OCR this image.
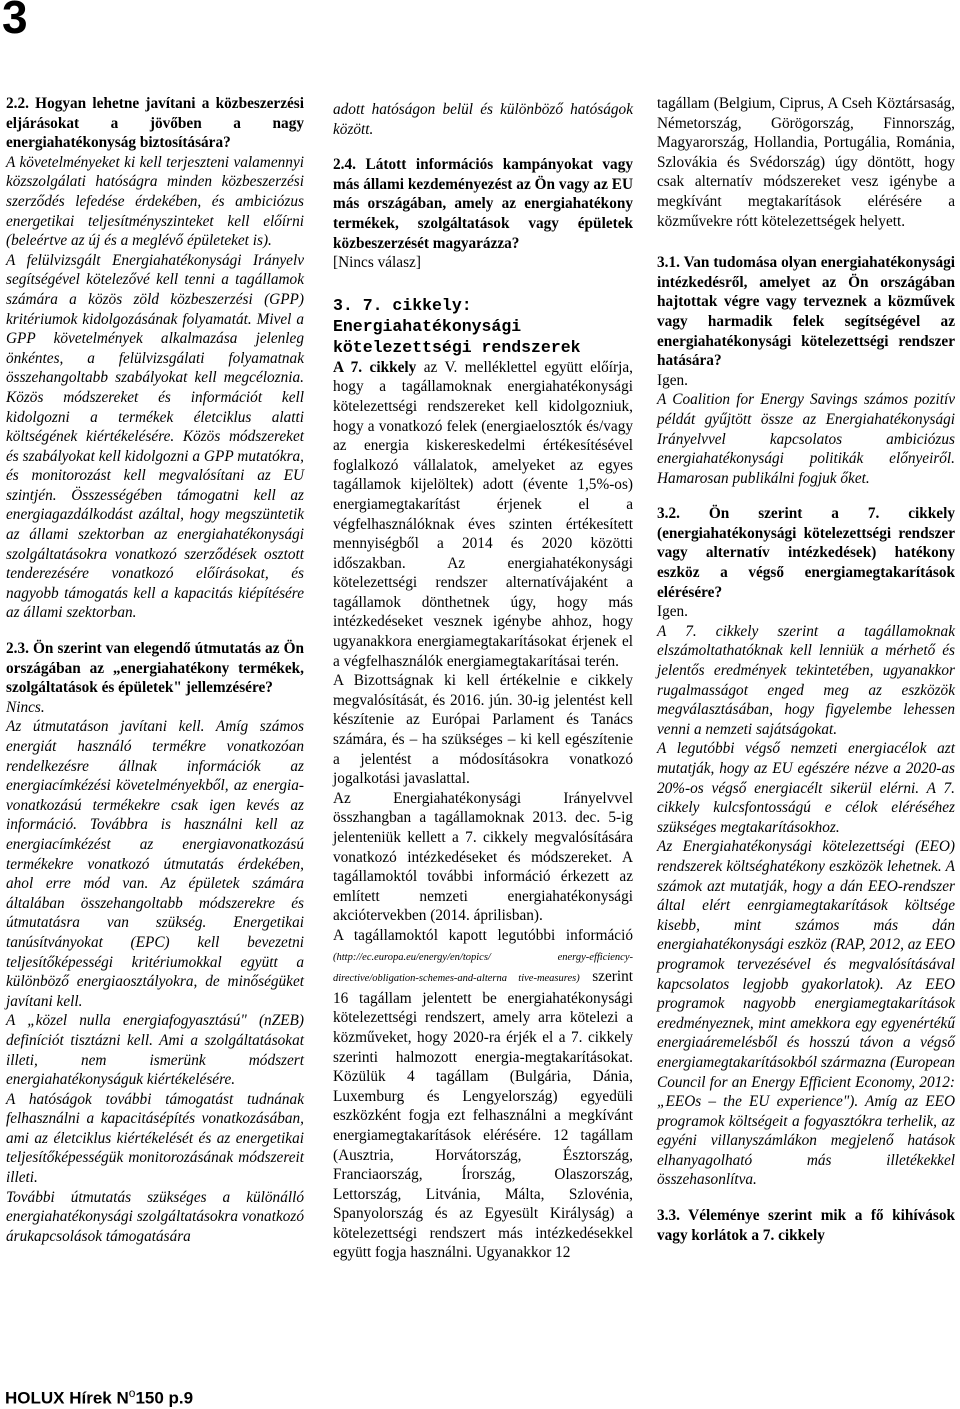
3

2.2. Hogyan lehetne javítani a közbeszerzési eljárásokat a jövőben a nagy energiahatékonyság biztosítására?

A követelményeket ki kell terjeszteni valamennyi közszolgálati hatóságra minden közbeszerzési szerződés lefedése érdekében, és ambiciózus energetikai teljesítményszinteket kell előírni (beleértve az új és a meglévő épületeket is).

A felülvizsgált Energiahatékonysági Irányelv segítségével kötelezővé kell tenni a tagállamok számára a közös zöld közbeszerzési (GPP) kritériumok kidolgozásának folyamatát. Mivel a GPP követelmények alkalmazása jelenleg önkéntes, a felülvizsgálati folyamatnak összehangoltabb szabályokat kell megcéloznia. Közös módszereket és információt kell kidolgozni a termékek életciklus alatti költségének kiértékelésére. Közös módszereket és szabályokat kell kidolgozni a GPP mutatókra, és monitorozást kell megvalósítani az EU szintjén. Összességében támogatni kell az energiagazdálkodást azáltal, hogy megszüntetik az állami szektorban az energiahatékonysági szolgáltatásokra vonatkozó szerződések osztott tenderezésére vonatkozó előírásokat, és nagyobb támogatás kell a kapacitás kiépítésére az állami szektorban.

2.3. Ön szerint van elegendő útmutatás az Ön országában az „energiahatékony termékek, szolgáltatások és épületek" jellemzésére?

Nincs.

Az útmutatáson javítani kell. Amíg számos energiát használó termékre vonatkozóan rendelkezésre állnak információk az energiacímkézési követelményekből, az energia-vonatkozású termékekre csak igen kevés az információ. Továbbra is használni kell az energiacímkézést az energiavonatkozású termékekre vonatkozó útmutatás érdekében, ahol erre mód van. Az épületek számára általában összehangoltabb módszerekre és útmutatásra van szükség. Energetikai tanúsítványokat (EPC) kell bevezetni teljesítőképességi kritériumokkal együtt a különböző energiaosztályokra, de minőségüket javítani kell.

A „közel nulla energiafogyasztású" (nZEB) definíciót tisztázni kell. Ami a szolgáltatásokat illeti, nem ismerünk módszert energiahatékonyságuk kiértékelésére.

A hatóságok további támogatást tudnának felhasználni a kapacitásépítés vonatkozásában, ami az életciklus kiértékelését és az energetikai teljesítőképességük monitorozásának módszereit illeti.

További útmutatás szükséges a különálló energiahatékonysági szolgáltatásokra vonatkozó árukapcsolások támogatására

adott hatóságon belül és különböző hatóságok között.

2.4. Látott információs kampányokat vagy más állami kezdeményezést az Ön vagy az EU más országában, amely az energiahatékony termékek, szolgáltatások vagy épületek közbeszerzését magyarázza?

[Nincs válasz]

3. 7. cikkely: Energiahatékonysági kötelezettségi rendszerek

A 7. cikkely az V. melléklettel együtt előírja, hogy a tagállamoknak energiahatékonysági kötelezettségi rendszereket kell kidolgozniuk, hogy a vonatkozó felek (energiaelosztók és/vagy az energia kiskereskedelmi értékesítésével foglalkozó vállalatok, amelyeket az egyes tagállamok kijelöltek) adott (évente 1,5%-os) energiamegtakarítást érjenek el a végfelhasználóknak éves szinten értékesített mennyiségből a 2014 és 2020 közötti időszakban. Az energiahatékonysági kötelezettségi rendszer alternatívájaként a tagállamok dönthetnek úgy, hogy más intézkedéseket vesznek igénybe ahhoz, hogy ugyanakkora energiamegtakarításokat érjenek el a végfelhasználók energiamegtakarításai terén.

A Bizottságnak ki kell értékelnie e cikkely megvalósítását, és 2016. jún. 30-ig jelentést kell készítenie az Európai Parlament és Tanács számára, és – ha szükséges – ki kell egészítenie a jelentést a módosításokra vonatkozó jogalkotási javaslattal.

Az Energiahatékonysági Irányelvvel összhangban a tagállamoknak 2013. dec. 5-ig jelenteniük kellett a 7. cikkely megvalósítására vonatkozó intézkedéseket és módszereket. A tagállamoktól további információ érkezett az említett nemzeti energiahatékonysági akciótervekben (2014. áprilisban).

A tagállamoktól kapott legutóbbi információ (http://ec.europa.eu/energy/en/topics/ energy-efficiency-directive/obligation-schemes-and-alterna tive-measures) szerint 16 tagállam jelentett be energiahatékonysági kötelezettségi rendszert, amely arra kötelezi a közműveket, hogy 2020-ra érjék el a 7. cikkely szerinti halmozott energia-megtakarításokat. Közülük 4 tagállam (Bulgária, Dánia, Luxemburg és Lengyelország) egyedüli eszközként fogja ezt felhasználni a megkívánt energiamegtakarítások elérésére. 12 tagállam (Ausztria, Horvátország, Észtország, Franciaország, Írország, Olaszország, Lettország, Litvánia, Málta, Szlovénia, Spanyolország és az Egyesült Királyság) a kötelezettségi rendszert más intézkedésekkel együtt fogja használni. Ugyanakkor 12

tagállam (Belgium, Ciprus, A Cseh Köztársaság, Németország, Görögország, Finnország, Magyarország, Hollandia, Portugália, Románia, Szlovákia és Svédország) úgy döntött, hogy csak alternatív módszereket vesz igénybe a megkívánt megtakarítások elérésére a közművekre rótt kötelezettségek helyett.

3.1. Van tudomása olyan energiahatékonysági intézkedésről, amelyet az Ön országában hajtottak végre vagy terveznek a közművek vagy harmadik felek segítségével az energiahatékonysági kötelezettségi rendszer hatására?

Igen.

A Coalition for Energy Savings számos pozitív példát gyűjtött össze az Energiahatékonysági Irányelvvel kapcsolatos ambiciózus energiahatékonysági politikák előnyeiről. Hamarosan publikálni fogjuk őket.

3.2. Ön szerint a 7. cikkely (energiahatékonysági kötelezettségi rendszer vagy alternatív intézkedések) hatékony eszköz a végső energiamegtakarítások elérésére?

Igen.

A 7. cikkely szerint a tagállamoknak elszámoltathatóknak kell lenniük a mérhető és jelentős eredmények tekintetében, ugyanakkor rugalmasságot enged meg az eszközök megválasztásában, hogy figyelembe lehessen venni a nemzeti sajátságokat.

A legutóbbi végső nemzeti energiacélok azt mutatják, hogy az EU egészére nézve a 2020-as 20%-os végső energiacélt sikerül elérni. A 7. cikkely kulcsfontosságú e célok eléréséhez szükséges megtakarításokhoz.

Az Energiahatékonysági kötelezettségi (EEO) rendszerek költséghatékony eszközök lehetnek. A számok azt mutatják, hogy a dán EEO-rendszer által elért eenrgiamegtakarítások költsége kisebb, mint számos más dán energiahatékonysági eszköz (RAP, 2012, az EEO programok tervezésével és megvalósításával kapcsolatos legjobb gyakorlatok). Az EEO programok nagyobb energiamegtakarítások eredményeznek, mint amekkora egy egyenértékű energiaáremelésből és hosszú távon a végső energiamegtakarításokból származna (European Council for an Energy Efficient Economy, 2012: „EEOs – the EU experience"). Amíg az EEO programok költségeit a fogyasztókra terhelik, az egyéni villanyszámlákon megjelenő hatások elhanyagolható más illetékekkel összehasonlítva.

3.3. Véleménye szerint mik a fő kihívások vagy korlátok a 7. cikkely

HOLUX Hírek $N^o150$ p.9
